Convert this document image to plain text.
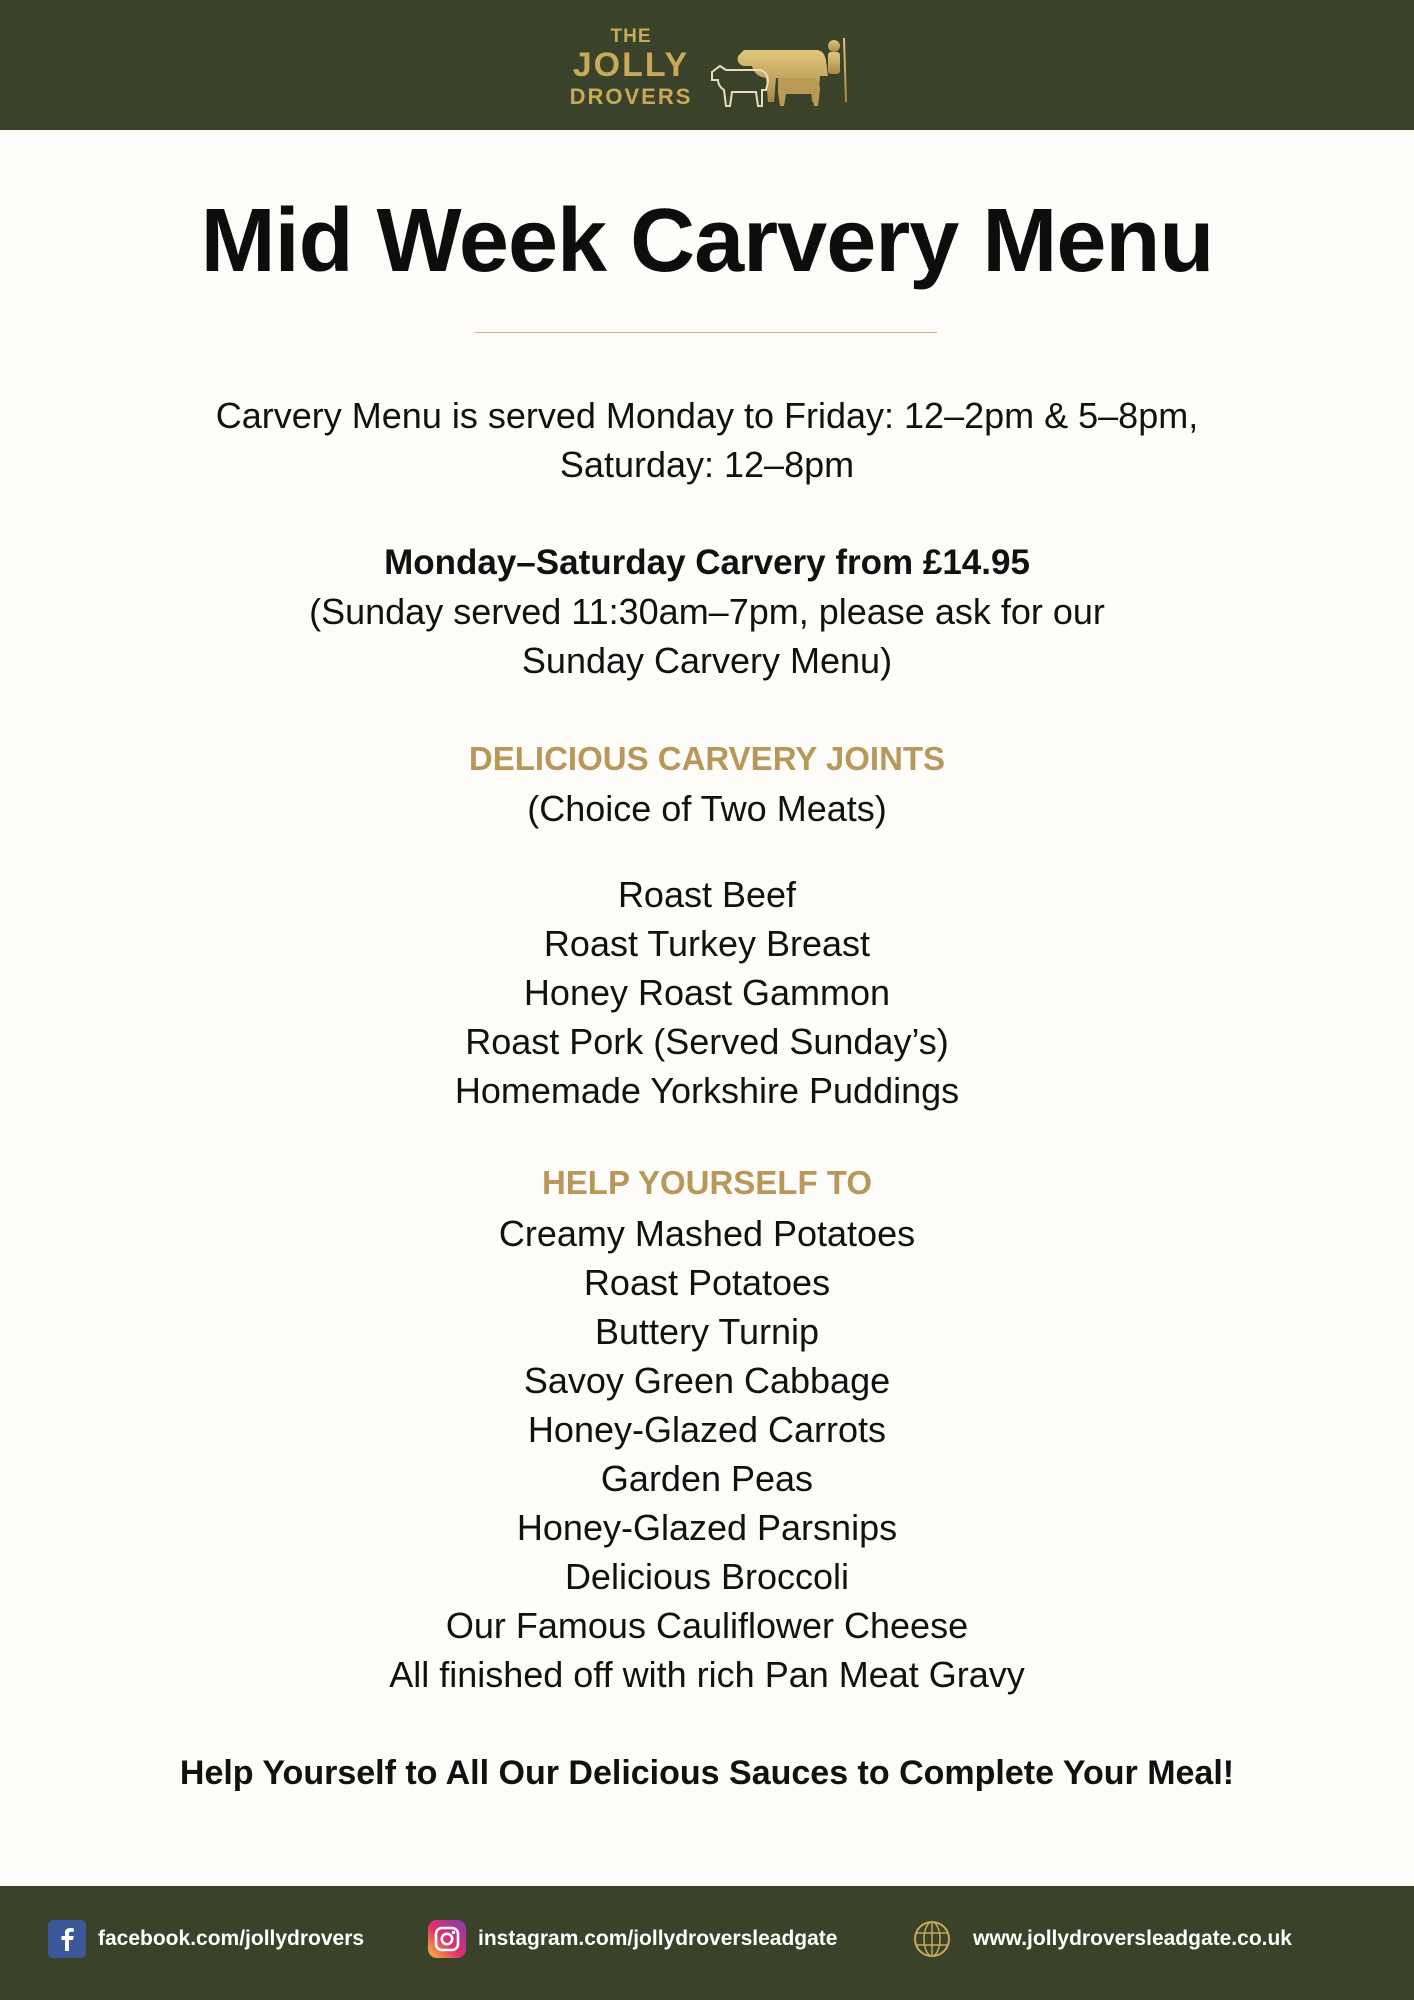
THE
JOLLY
DROVERS
Mid Week Carvery Menu

Carvery Menu is served Monday to Friday: 12–2pm & 5–8pm,
Saturday: 12–8pm

Monday–Saturday Carvery from £14.95

(Sunday served 11:30am–7pm, please ask for our
Sunday Carvery Menu)

DELICIOUS CARVERY JOINTS

(Choice of Two Meats)

Roast Beef
Roast Turkey Breast
Honey Roast Gammon
Roast Pork (Served Sunday’s)
Homemade Yorkshire Puddings

HELP YOURSELF TO

Creamy Mashed Potatoes
Roast Potatoes
Buttery Turnip
Savoy Green Cabbage
Honey-Glazed Carrots
Garden Peas
Honey-Glazed Parsnips
Delicious Broccoli
Our Famous Cauliflower Cheese
All finished off with rich Pan Meat Gravy

Help Yourself to All Our Delicious Sauces to Complete Your Meal!

facebook.com/jollydrovers	instagram.com/jollydroversleadgate	www.jollydroversleadgate.co.uk
